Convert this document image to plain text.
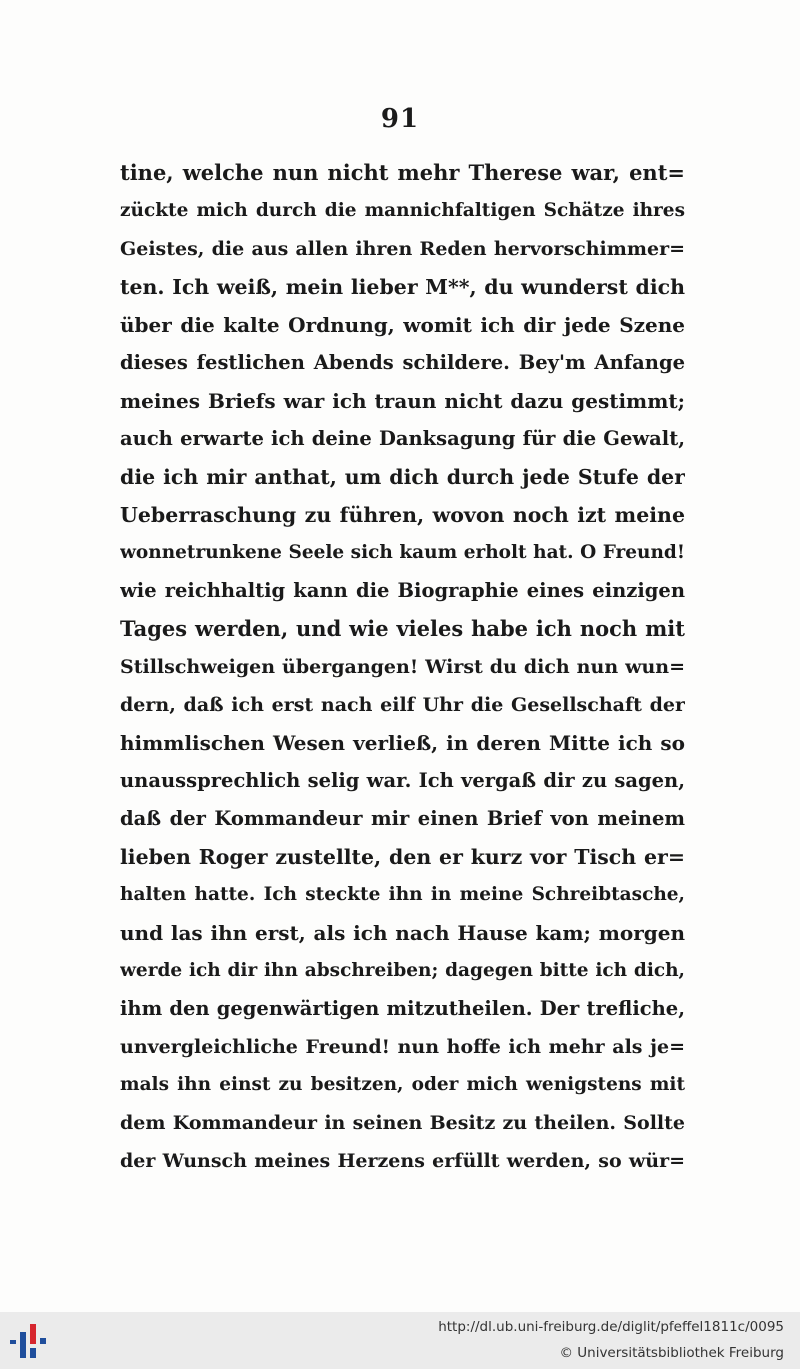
91
tine, welche nun nicht mehr Therese war, ent=
zückte mich durch die mannichfaltigen Schätze ihres
Geistes, die aus allen ihren Reden hervorschimmer=
ten. Ich weiß, mein lieber M**, du wunderst dich
über die kalte Ordnung, womit ich dir jede Szene
dieses festlichen Abends schildere. Bey'm Anfange
meines Briefs war ich traun nicht dazu gestimmt;
auch erwarte ich deine Danksagung für die Gewalt,
die ich mir anthat, um dich durch jede Stufe der
Ueberraschung zu führen, wovon noch izt meine
wonnetrunkene Seele sich kaum erholt hat. O Freund!
wie reichhaltig kann die Biographie eines einzigen
Tages werden, und wie vieles habe ich noch mit
Stillschweigen übergangen! Wirst du dich nun wun=
dern, daß ich erst nach eilf Uhr die Gesellschaft der
himmlischen Wesen verließ, in deren Mitte ich so
unaussprechlich selig war. Ich vergaß dir zu sagen,
daß der Kommandeur mir einen Brief von meinem
lieben Roger zustellte, den er kurz vor Tisch er=
halten hatte. Ich steckte ihn in meine Schreibtasche,
und las ihn erst, als ich nach Hause kam; morgen
werde ich dir ihn abschreiben; dagegen bitte ich dich,
ihm den gegenwärtigen mitzutheilen. Der trefliche,
unvergleichliche Freund! nun hoffe ich mehr als je=
mals ihn einst zu besitzen, oder mich wenigstens mit
dem Kommandeur in seinen Besitz zu theilen. Sollte
der Wunsch meines Herzens erfüllt werden, so wür=
http://dl.ub.uni-freiburg.de/diglit/pfeffel1811c/0095
© Universitätsbibliothek Freiburg
